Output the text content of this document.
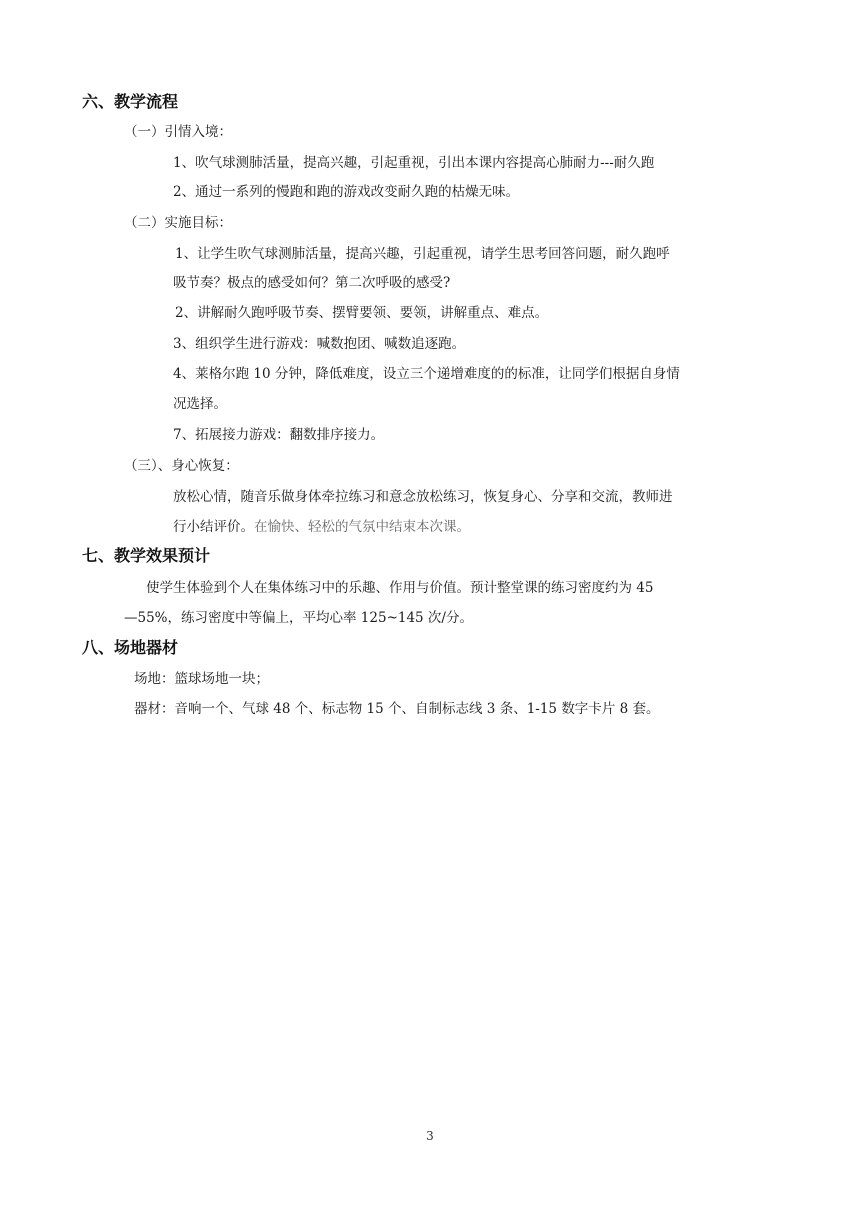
六、教学流程
（一）引情入境：
1、吹气球测肺活量，提高兴趣，引起重视，引出本课内容提高心肺耐力---耐久跑
2、通过一系列的慢跑和跑的游戏改变耐久跑的枯燥无味。
（二）实施目标：
1、让学生吹气球测肺活量，提高兴趣，引起重视，请学生思考回答问题，耐久跑呼
吸节奏？极点的感受如何？第二次呼吸的感受?
2、讲解耐久跑呼吸节奏、摆臂要领、要领，讲解重点、难点。
3、组织学生进行游戏：喊数抱团、喊数追逐跑。
4、莱格尔跑 10 分钟，降低难度，设立三个递增难度的的标准，让同学们根据自身情
况选择。
7、拓展接力游戏：翻数排序接力。
（三）、身心恢复：
放松心情，随音乐做身体牵拉练习和意念放松练习，恢复身心、分享和交流，教师进
行小结评价。在愉快、轻松的气氛中结束本次课。
七、教学效果预计
使学生体验到个人在集体练习中的乐趣、作用与价值。预计整堂课的练习密度约为 45
—55%，练习密度中等偏上，平均心率 125~145 次/分。
八、场地器材
场地：篮球场地一块；
器材：音响一个、气球 48 个、标志物 15 个、自制标志线 3 条、1-15 数字卡片 8 套。
3
